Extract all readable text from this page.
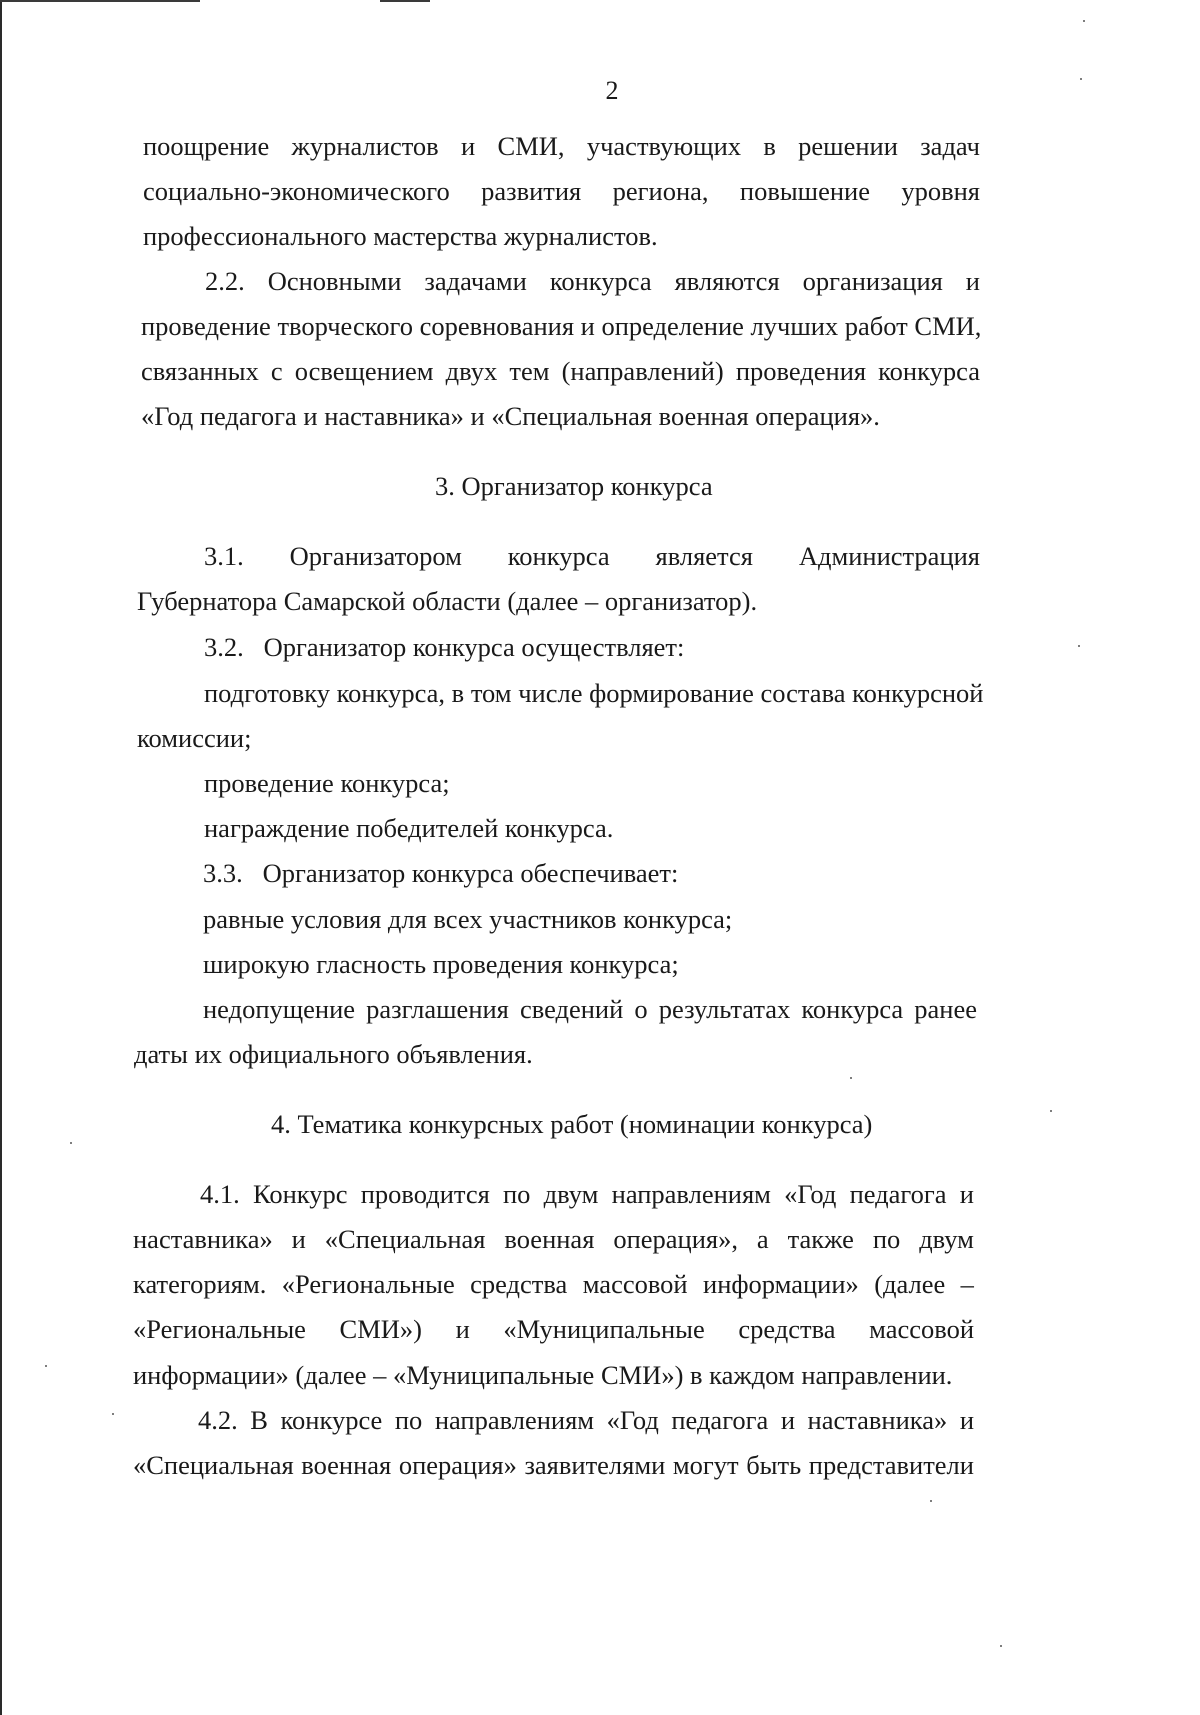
2
поощрение журналистов и СМИ, участвующих в решении задач
социально-экономического развития региона, повышение уровня
профессионального мастерства журналистов.
2.2. Основными задачами конкурса являются организация и
проведение творческого соревнования и определение лучших работ СМИ,
связанных с освещением двух тем (направлений) проведения конкурса
«Год педагога и наставника» и «Специальная военная операция».
3. Организатор конкурса
3.1. Организатором конкурса является Администрация
Губернатора Самарской области (далее – организатор).
3.2.   Организатор конкурса осуществляет:
подготовку конкурса, в том числе формирование состава конкурсной
комиссии;
проведение конкурса;
награждение победителей конкурса.
3.3.   Организатор конкурса обеспечивает:
равные условия для всех участников конкурса;
широкую гласность проведения конкурса;
недопущение разглашения сведений о результатах конкурса ранее
даты их официального объявления.
4. Тематика конкурсных работ (номинации конкурса)
4.1. Конкурс проводится по двум направлениям «Год педагога и
наставника» и «Специальная военная операция», а также по двум
категориям. «Региональные средства массовой информации» (далее –
«Региональные СМИ») и «Муниципальные средства массовой
информации» (далее – «Муниципальные СМИ») в каждом направлении.
4.2. В конкурсе по направлениям «Год педагога и наставника» и
«Специальная военная операция» заявителями могут быть представители
